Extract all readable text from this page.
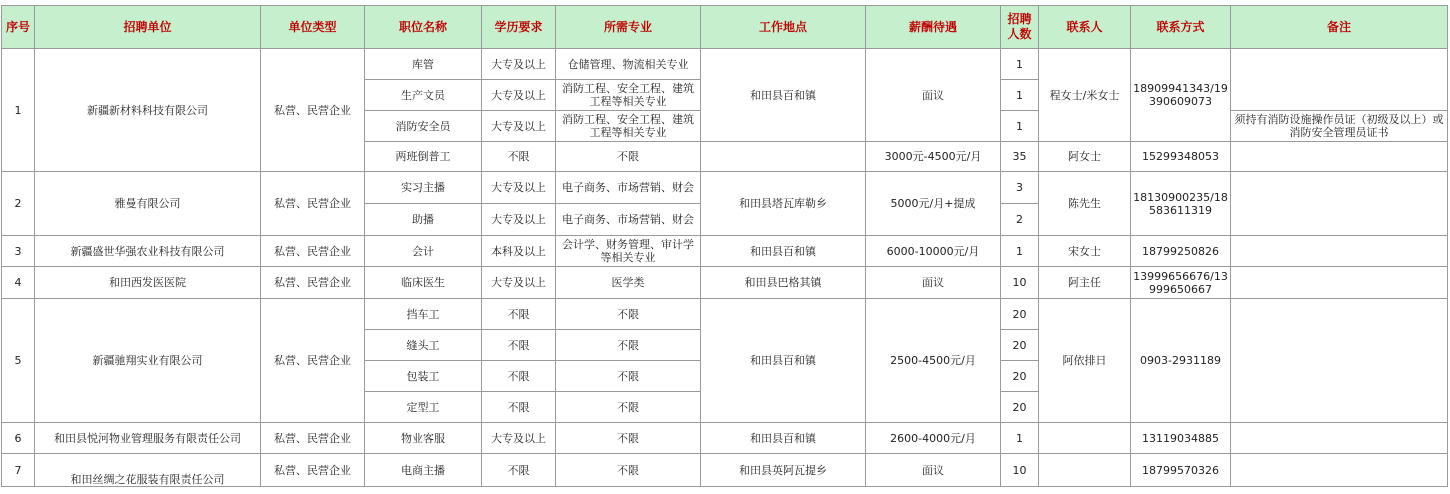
序号	招聘单位	单位类型	职位名称	学历要求	所需专业	工作地点	薪酬待遇	招聘人数	联系人	联系方式	备注
1	新疆新材料科技有限公司	私营、民营企业	库管	大专及以上	仓储管理、物流相关专业	和田县百和镇	面议	1	程女士/米女士	18909941343/19390609073	
			生产文员	大专及以上	消防工程、安全工程、建筑工程等相关专业			1			
			消防安全员	大专及以上	消防工程、安全工程、建筑工程等相关专业			1			须持有消防设施操作员证（初级及以上）或消防安全管理员证书
			两班倒普工	不限	不限		3000元-4500元/月	35	阿女士	15299348053	
2	雅曼有限公司	私营、民营企业	实习主播	大专及以上	电子商务、市场营销、财会	和田县塔瓦库勒乡	5000元/月+提成	3	陈先生	18130900235/18583611319	
			助播	大专及以上	电子商务、市场营销、财会			2			
3	新疆盛世华强农业科技有限公司	私营、民营企业	会计	本科及以上	会计学、财务管理、审计学等相关专业	和田县百和镇	6000-10000元/月	1	宋女士	18799250826	
4	和田西发医医院	私营、民营企业	临床医生	大专及以上	医学类	和田县巴格其镇	面议	10	阿主任	13999656676/13999650667	
5	新疆驰翔实业有限公司	私营、民营企业	挡车工	不限	不限	和田县百和镇	2500-4500元/月	20	阿依排日	0903-2931189	
			缝头工	不限	不限			20			
			包装工	不限	不限			20			
			定型工	不限	不限			20			
6	和田县悦河物业管理服务有限责任公司	私营、民营企业	物业客服	大专及以上	不限	和田县百和镇	2600-4000元/月	1		13119034885	
7	和田丝绸之花服装有限责任公司	私营、民营企业	电商主播	不限	不限	和田县英阿瓦提乡	面议	10		18799570326	
